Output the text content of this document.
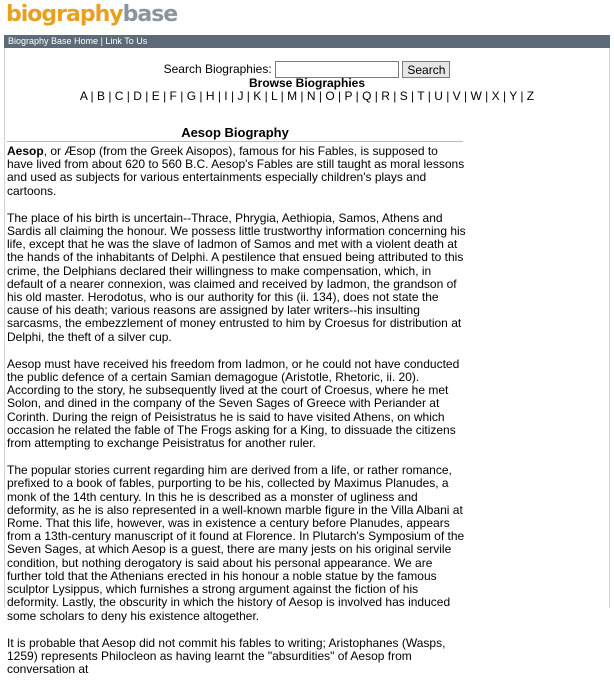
biographybase
Biography Base Home | Link To Us
Search Biographies:	Search
Browse Biographies
A | B | C | D | E | F | G | H | I | J | K | L | M | N | O | P | Q | R | S | T | U | V | W | X | Y | Z
Aesop Biography

Aesop, or Æsop (from the Greek Aisopos), famous for his Fables, is supposed to have lived from about 620 to 560 B.C. Aesop's Fables are still taught as moral lessons and used as subjects for various entertainments especially children's plays and cartoons.

The place of his birth is uncertain--Thrace, Phrygia, Aethiopia, Samos, Athens and Sardis all claiming the honour. We possess little trustworthy information concerning his life, except that he was the slave of Iadmon of Samos and met with a violent death at the hands of the inhabitants of Delphi. A pestilence that ensued being attributed to this crime, the Delphians declared their willingness to make compensation, which, in default of a nearer connexion, was claimed and received by Iadmon, the grandson of his old master. Herodotus, who is our authority for this (ii. 134), does not state the cause of his death; various reasons are assigned by later writers--his insulting sarcasms, the embezzlement of money entrusted to him by Croesus for distribution at Delphi, the theft of a silver cup.

Aesop must have received his freedom from Iadmon, or he could not have conducted the public defence of a certain Samian demagogue (Aristotle, Rhetoric, ii. 20). According to the story, he subsequently lived at the court of Croesus, where he met Solon, and dined in the company of the Seven Sages of Greece with Periander at Corinth. During the reign of Peisistratus he is said to have visited Athens, on which occasion he related the fable of The Frogs asking for a King, to dissuade the citizens from attempting to exchange Peisistratus for another ruler.

The popular stories current regarding him are derived from a life, or rather romance, prefixed to a book of fables, purporting to be his, collected by Maximus Planudes, a monk of the 14th century. In this he is described as a monster of ugliness and deformity, as he is also represented in a well-known marble figure in the Villa Albani at Rome. That this life, however, was in existence a century before Planudes, appears from a 13th-century manuscript of it found at Florence. In Plutarch's Symposium of the Seven Sages, at which Aesop is a guest, there are many jests on his original servile condition, but nothing derogatory is said about his personal appearance. We are further told that the Athenians erected in his honour a noble statue by the famous sculptor Lysippus, which furnishes a strong argument against the fiction of his deformity. Lastly, the obscurity in which the history of Aesop is involved has induced some scholars to deny his existence altogether.

It is probable that Aesop did not commit his fables to writing; Aristophanes (Wasps, 1259) represents Philocleon as having learnt the "absurdities" of Aesop from conversation at
